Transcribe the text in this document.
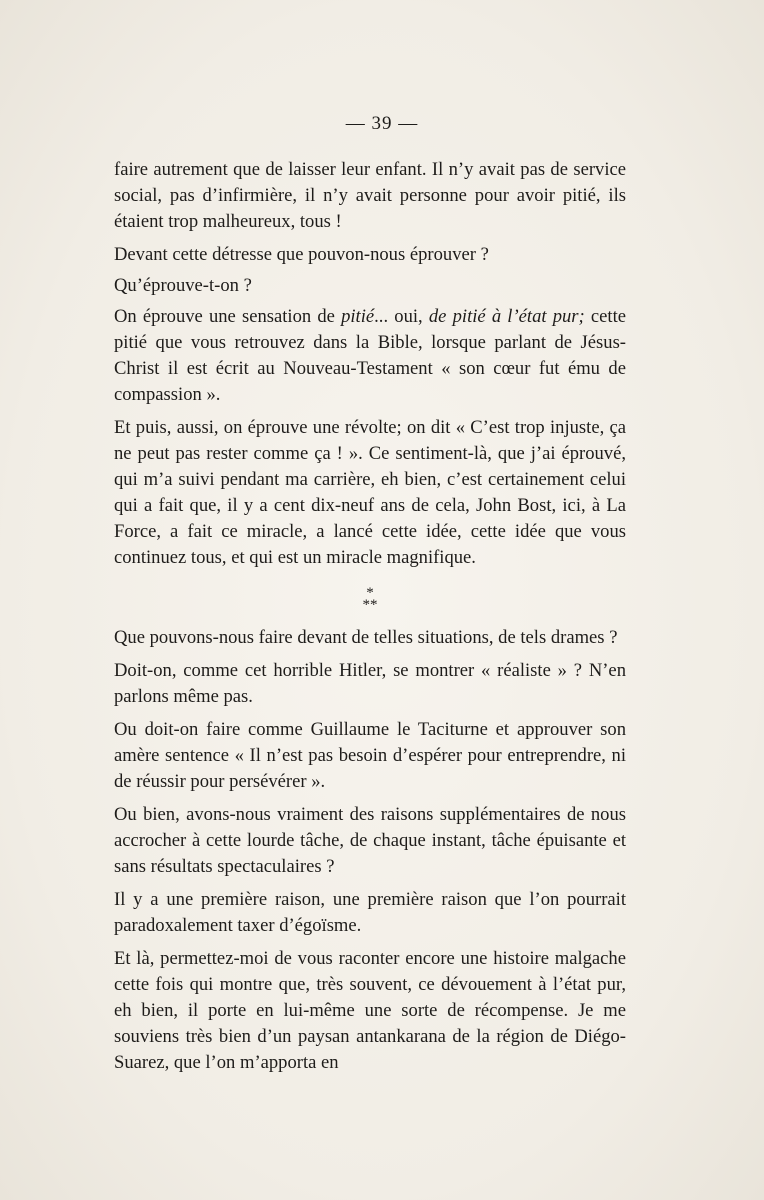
— 39 —

faire autrement que de laisser leur enfant. Il n’y avait pas de service social, pas d’infirmière, il n’y avait personne pour avoir pitié, ils étaient trop malheureux, tous !

Devant cette détresse que pouvon-nous éprouver ?

Qu’éprouve-t-on ?

On éprouve une sensation de pitié... oui, de pitié à l’état pur; cette pitié que vous retrouvez dans la Bible, lorsque parlant de Jésus-Christ il est écrit au Nouveau-Testament « son cœur fut ému de compassion ».

Et puis, aussi, on éprouve une révolte; on dit « C’est trop injuste, ça ne peut pas rester comme ça ! ». Ce sentiment-là, que j’ai éprouvé, qui m’a suivi pendant ma carrière, eh bien, c’est certainement celui qui a fait que, il y a cent dix-neuf ans de cela, John Bost, ici, à La Force, a fait ce miracle, a lancé cette idée, cette idée que vous continuez tous, et qui est un miracle magnifique.

*
**

Que pouvons-nous faire devant de telles situations, de tels drames ?

Doit-on, comme cet horrible Hitler, se montrer « réaliste » ? N’en parlons même pas.

Ou doit-on faire comme Guillaume le Taciturne et approuver son amère sentence « Il n’est pas besoin d’espérer pour entreprendre, ni de réussir pour persévérer ».

Ou bien, avons-nous vraiment des raisons supplémentaires de nous accrocher à cette lourde tâche, de chaque instant, tâche épuisante et sans résultats spectaculaires ?

Il y a une première raison, une première raison que l’on pourrait paradoxalement taxer d’égoïsme.

Et là, permettez-moi de vous raconter encore une histoire malgache cette fois qui montre que, très souvent, ce dévouement à l’état pur, eh bien, il porte en lui-même une sorte de récompense. Je me souviens très bien d’un paysan antankarana de la région de Diégo-Suarez, que l’on m’apporta en
